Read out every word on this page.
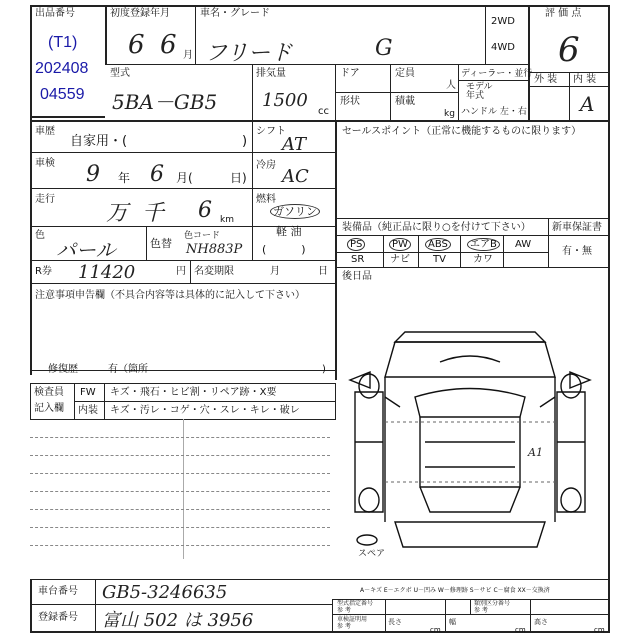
出品番号
(T1)
202408
04559
初度登録年月
6 6 月
車名・グレード
フリード	G
2WD
4WD
評 価 点
6
型式
5BA－GB5
排気量
1500
cc
ドア
形状
定員
人
積載
kg
ディーラー・並行
モデル
年式
ハンドル 左・右
外 装 内 装
A
車歴
自家用・(	)
車検 9 年 6 月(	日)
走行
万 千 6 km
色
パール	色替
色コード
NH883P
シフト
AT
冷房
AC
燃料
ガソリン
軽 油
(          )
R券 11420	円 名変期限	月	日
注意事項申告欄（不具合内容等は具体的に記入して下さい）
修復歴	有（箇所	)
検査員
記入欄
FW キズ・飛石・ヒビ割・リペア跡・X要
内装 キズ・汚レ・コゲ・穴・スレ・キレ・破レ
セールスポイント（正常に機能するものに限ります）
装備品（純正品に限り○を付けて下さい） 新車保証書
有・無
PS	PW	ABS	エアB	AW
SR	ナビ TV	カワ
後日品
A1
スペア
車台番号 GB5-3246635
登録番号 富山 502 は 3956
A－キズ E－エクボ U－凹み W－修理跡 S－サビ C－腐食 XX－交換済
型式指定番号
参 考
類別区分番号
参 考
車検証明用
参 考
長さ
cm
幅
cm
高さ
cm
